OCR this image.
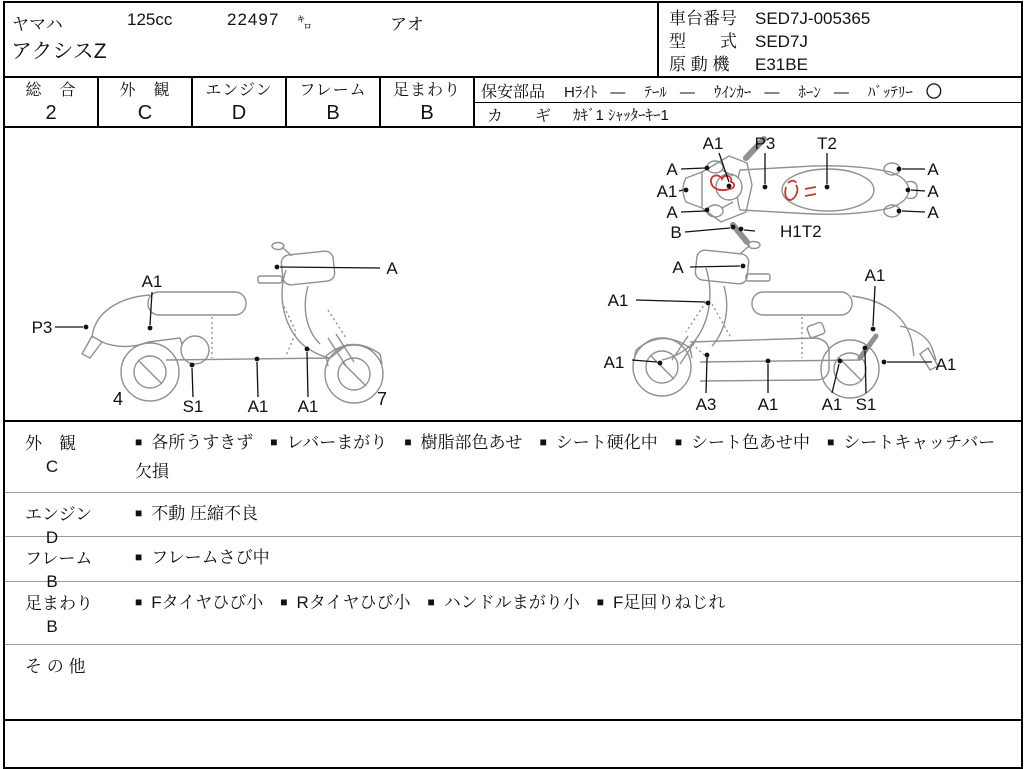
ヤマハ	125cc	22497 ㌔	アオ
アクシスZ
車台番号	SED7J-005365
型　　式	SED7J
原 動 機	E31BE
総　合
2
外　観
C
エンジン
D
フレーム
B
足まわり
B
保安部品	Hﾗｲﾄ — ﾃｰﾙ — ｳｲﾝｶｰ — ﾎｰﾝ — ﾊﾞｯﾃﾘｰ 〇
カ　ギ ｶｷﾞ1 ｼｬｯﾀｰｷｰ1
A1 P3 T2
A
A1
A
B	H1T2
A
A
A
A
A1
P3
4	S1	A1 A1	7
A
A1
A1
A1
A3 A1	A1 S1
A1
外　観
C
■ 各所うすきず ■ レバーまがり ■ 樹脂部色あせ ■ シート硬化中 ■ シート色あせ中 ■ シートキャッチバー欠損
エンジン
D
■ 不動 圧縮不良
フレーム
B
■ フレームさび中
足まわり
B
■ Fタイヤひび小 ■ Rタイヤひび小 ■ ハンドルまがり小 ■ F足回りねじれ
そ の 他
